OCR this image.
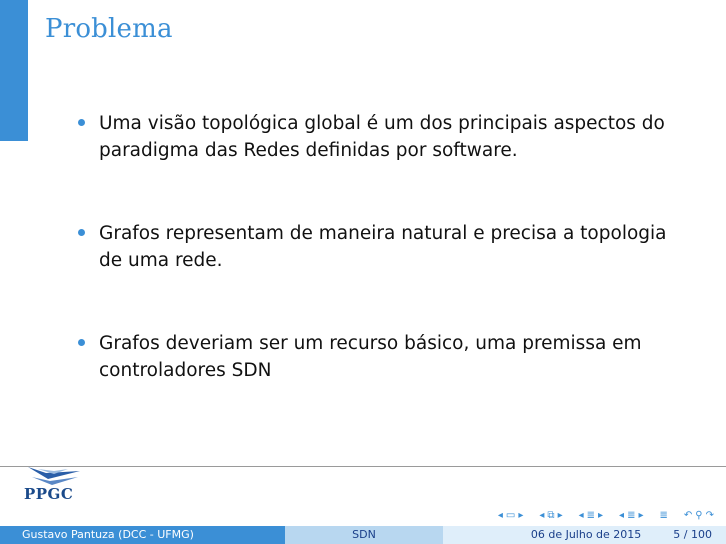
Problema
Uma visão topológica global é um dos principais aspectos do paradigma das Redes definidas por software.
Grafos representam de maneira natural e precisa a topologia de uma rede.
Grafos deveriam ser um recurso básico, uma premissa em controladores SDN
PPGC
◂ ▭ ▸ ◂ ⧉ ▸ ◂ ≣ ▸ ◂ ≣ ▸ ≣ ↶ ⚲ ↷
Gustavo Pantuza (DCC - UFMG)	SDN	06 de Julho de 2015	5 / 100
